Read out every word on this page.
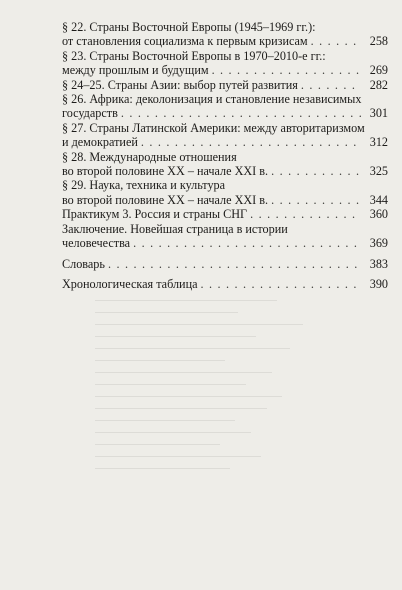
§ 22. Страны Восточной Европы (1945–1969 гг.):
от становления социализма к первым кризисам . . .	258
§ 23. Страны Восточной Европы в 1970–2010-е гг.:
между прошлым и будущим . . .	269
§ 24–25. Страны Азии: выбор путей развития . . .	282
§ 26. Африка: деколонизация и становление независимых
государств . . .	301
§ 27. Страны Латинской Америки: между авторитаризмом
и демократией . . .	312
§ 28. Международные отношения
во второй половине XX – начале XXI в. . . .	325
§ 29. Наука, техника и культура
во второй половине XX – начале XXI в. . . .	344
Практикум 3. Россия и страны СНГ . . .	360
Заключение. Новейшая страница в истории
человечества . . .	369
Словарь . . .	383
Хронологическая таблица . . .	390
